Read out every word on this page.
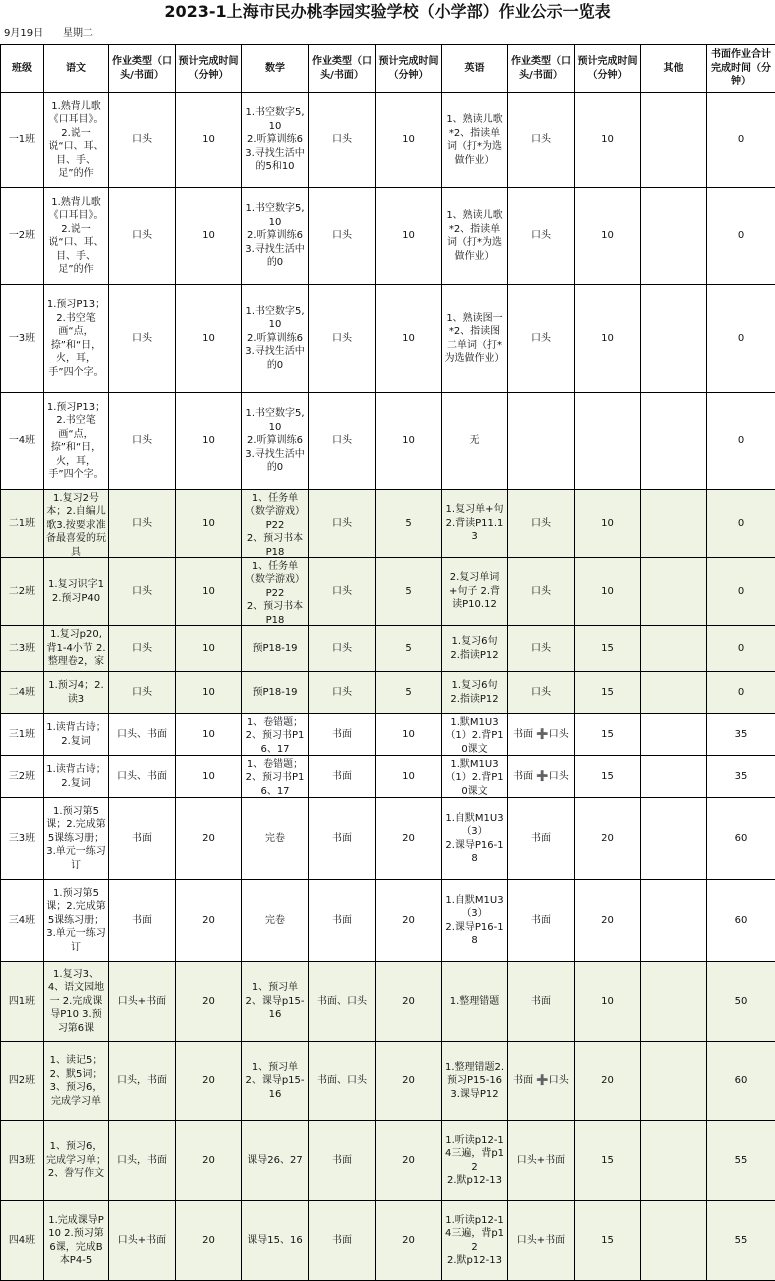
2023-1上海市民办桃李园实验学校（小学部）作业公示一览表
9月19日 星期二
班级	语文	作业类型（口头/书面）	预计完成时间（分钟）	数学	作业类型（口头/书面）	预计完成时间（分钟）	英语	作业类型（口头/书面）	预计完成时间（分钟）	其他	书面作业合计完成时间（分钟）

一1班	1.熟背儿歌《口耳目》。2.说一说“口、耳、目、手、足”的作	口头	10	1.书空数字5,10
2.听算训练6
3.寻找生活中的5和10	口头	10	1、熟读儿歌*2、指读单词（打*为选做作业）	口头	10		0

一2班	1.熟背儿歌《口耳目》。2.说一说“口、耳、目、手、足”的作	口头	10	1.书空数字5,10
2.听算训练6
3.寻找生活中的0	口头	10	1、熟读儿歌*2、指读单词（打*为选做作业）	口头	10		0

一3班	1.预习P13；2.书空笔画“点，捺”和“日，火，耳，手”四个字。	口头	10	1.书空数字5,10
2.听算训练6
3.寻找生活中的0	口头	10	1、熟读图一*2、指读图二单词（打*为选做作业）	口头	10		0

一4班	1.预习P13；2.书空笔画“点，捺”和“日，火，耳，手”四个字。	口头	10	1.书空数字5,10
2.听算训练6
3.寻找生活中的0	口头	10	无				0

二1班	1.复习2号本；2.自编儿歌3.按要求准备最喜爱的玩具	口头	10	1、任务单（数学游戏）P22
2、预习书本P18	口头	5	1.复习单+句2.背读P11.13	口头	10		0

二2班	1.复习识字1
2.预习P40	口头	10	1、任务单（数学游戏）P22
2、预习书本P18	口头	5	2.复习单词+句子 2.背读P10.12	口头	10		0

二3班	1.复习p20,背1-4小节 2.整理卷2，家	口头	10	预P18-19	口头	5	1.复习6句
2.指读P12	口头	15		0

二4班	1.预习4；2.读3	口头	10	预P18-19	口头	5	1.复习6句
2.指读P12	口头	15		0

三1班	1.读背古诗；2.复词	口头、书面	10	1、卷错题；2、预习书P16、17	书面	10	1.默M1U3（1）2.背P10课文	书面 ➕口头	15		35

三2班	1.读背古诗；2.复词	口头、书面	10	1、卷错题；2、预习书P16、17	书面	10	1.默M1U3（1）2.背P10课文	书面 ➕口头	15		35

三3班	1.预习第5课；2.完成第5课练习册；3.单元一练习订	书面	20	完卷	书面	20	1.自默M1U3（3）
2.课导P16-18	书面	20		60

三4班	1.预习第5课；2.完成第5课练习册；3.单元一练习订	书面	20	完卷	书面	20	1.自默M1U3（3）
2.课导P16-18	书面	20		60

四1班	1.复习3、4、语文园地一 2.完成课导P10 3.预习第6课	口头+书面	20	1、预习单
2、课导p15-16	书面、口头	20	1.整理错题	书面	10		50

四2班	1、读记5；2、默5词；3、预习6，完成学习单	口头，书面	20	1、预习单
2、课导p15-16	书面、口头	20	1.整理错题2.预习P15-16 3.课导P12	书面 ➕口头	20		60

四3班	1、预习6，完成学习单；2、誊写作文	口头，书面	20	课导26、27	书面	20	1.听读p12-14三遍，背p12
2.默p12-13	口头+书面	15		55

四4班	1.完成课导P10 2.预习第6课，完成B本P4-5	口头+书面	20	课导15、16	书面	20	1.听读p12-14三遍，背p12
2.默p12-13	口头+书面	15		55
